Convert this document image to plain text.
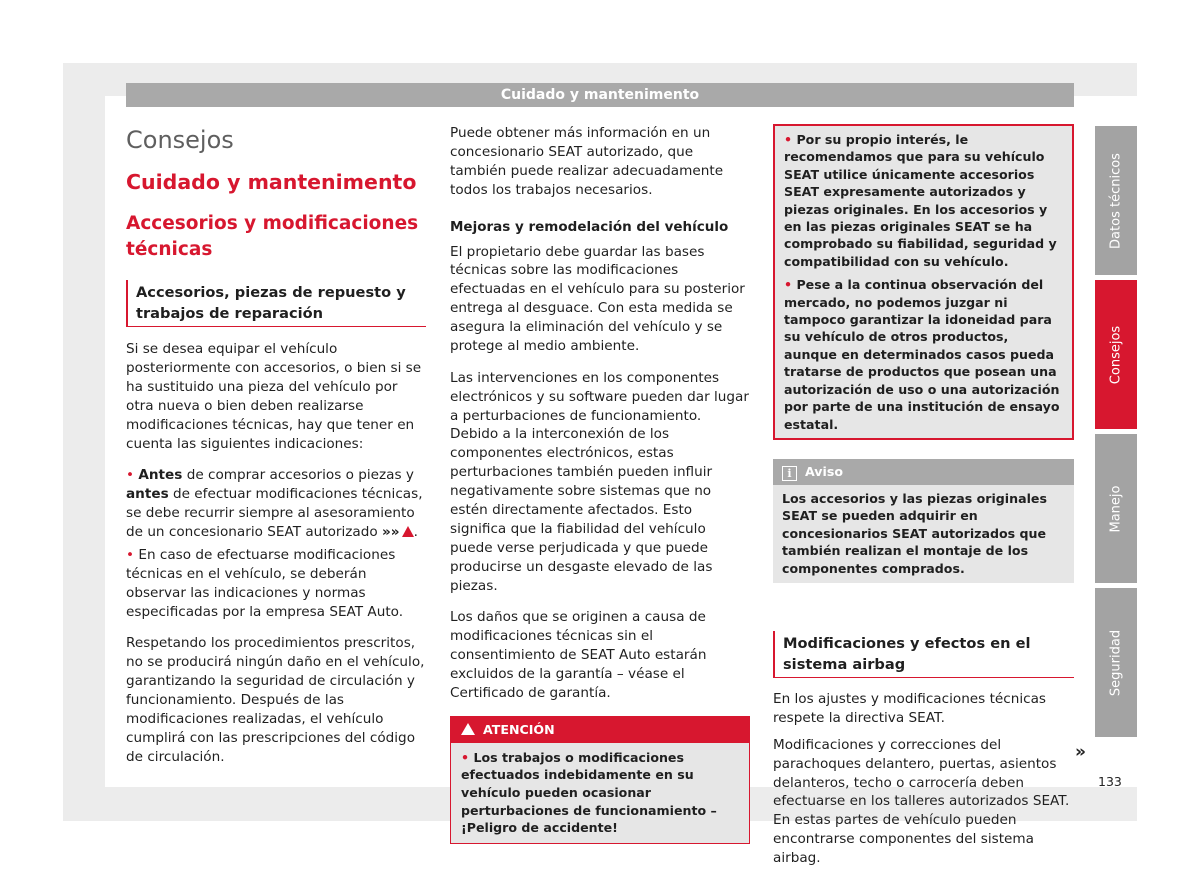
Cuidado y mantenimento
Consejos
Cuidado y mantenimento
Accesorios y modificaciones técnicas
Accesorios, piezas de repuesto y trabajos de reparación

Si se desea equipar el vehículo posteriormente con accesorios, o bien si se ha sustituido una pieza del vehículo por otra nueva o bien deben realizarse modificaciones técnicas, hay que tener en cuenta las siguientes indicaciones:

• Antes de comprar accesorios o piezas y antes de efectuar modificaciones técnicas, se debe recurrir siempre al asesoramiento de un concesionario SEAT autorizado »» .

• En caso de efectuarse modificaciones técnicas en el vehículo, se deberán observar las indicaciones y normas especificadas por la empresa SEAT Auto.

Respetando los procedimientos prescritos, no se producirá ningún daño en el vehículo, garantizando la seguridad de circulación y funcionamiento. Después de las modificaciones realizadas, el vehículo cumplirá con las prescripciones del código de circulación.

Puede obtener más información en un concesionario SEAT autorizado, que también puede realizar adecuadamente todos los trabajos necesarios.

Mejoras y remodelación del vehículo

El propietario debe guardar las bases técnicas sobre las modificaciones efectuadas en el vehículo para su posterior entrega al desguace. Con esta medida se asegura la eliminación del vehículo y se protege al medio ambiente.

Las intervenciones en los componentes electrónicos y su software pueden dar lugar a perturbaciones de funcionamiento. Debido a la interconexión de los componentes electrónicos, estas perturbaciones también pueden influir negativamente sobre sistemas que no estén directamente afectados. Esto significa que la fiabilidad del vehículo puede verse perjudicada y que puede producirse un desgaste elevado de las piezas.

Los daños que se originen a causa de modificaciones técnicas sin el consentimiento de SEAT Auto estarán excluidos de la garantía – véase el Certificado de garantía.

ATENCIÓN
• Los trabajos o modificaciones efectuados indebidamente en su vehículo pueden ocasionar perturbaciones de funcionamiento – ¡Peligro de accidente!

• Por su propio interés, le recomendamos que para su vehículo SEAT utilice únicamente accesorios SEAT expresamente autorizados y piezas originales. En los accesorios y en las piezas originales SEAT se ha comprobado su fiabilidad, seguridad y compatibilidad con su vehículo.

• Pese a la continua observación del mercado, no podemos juzgar ni tampoco garantizar la idoneidad para su vehículo de otros productos, aunque en determinados casos pueda tratarse de productos que posean una autorización de uso o una autorización por parte de una institución de ensayo estatal.

i Aviso
Los accesorios y las piezas originales SEAT se pueden adquirir en concesionarios SEAT autorizados que también realizan el montaje de los componentes comprados.
Modificaciones y efectos en el sistema airbag

En los ajustes y modificaciones técnicas respete la directiva SEAT.

Modificaciones y correcciones del parachoques delantero, puertas, asientos delanteros, techo o carrocería deben efectuarse en los talleres autorizados SEAT. En estas partes de vehículo pueden encontrarse componentes del sistema airbag.

»
133
Datos técnicos
Consejos
Manejo
Seguridad
